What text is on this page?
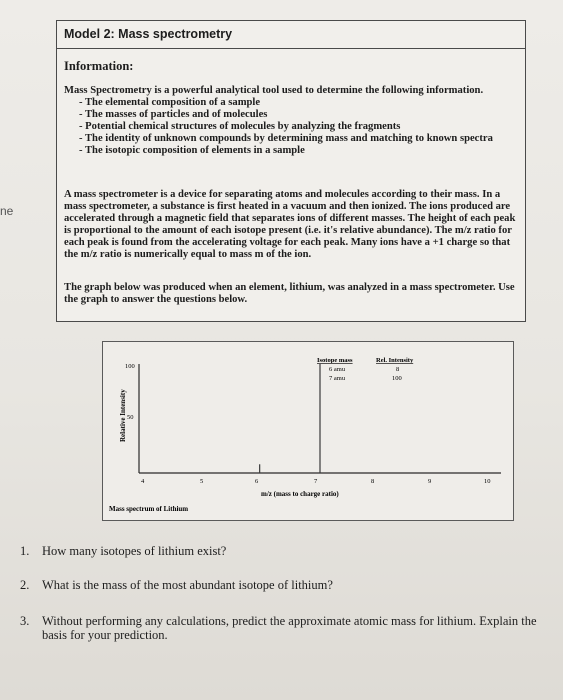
ne
Model 2: Mass spectrometry
Information:
Mass Spectrometry is a powerful analytical tool used to determine the following information.
- The elemental composition of a sample
- The masses of particles and of molecules
- Potential chemical structures of molecules by analyzing the fragments
- The identity of unknown compounds by determining mass and matching to known spectra
- The isotopic composition of elements in a sample
A mass spectrometer is a device for separating atoms and molecules according to their mass. In a mass spectrometer, a substance is first heated in a vacuum and then ionized. The ions produced are accelerated through a magnetic field that separates ions of different masses. The height of each peak is proportional to the amount of each isotope present (i.e. it's relative abundance). The m/z ratio for each peak is found from the accelerating voltage for each peak. Many ions have a +1 charge so that the m/z ratio is numerically equal to mass m of the ion.
The graph below was produced when an element, lithium, was analyzed in a mass spectrometer. Use the graph to answer the questions below.
100
50
Relative Intensity
4	5	6	7	8	9	10
m/z (mass to charge ratio)
Mass spectrum of Lithium
Isotope mass	Rel. Intensity
6 amu	8
7 amu	100
1. How many isotopes of lithium exist?
2. What is the mass of the most abundant isotope of lithium?
3. Without performing any calculations, predict the approximate atomic mass for lithium. Explain the basis for your prediction.
